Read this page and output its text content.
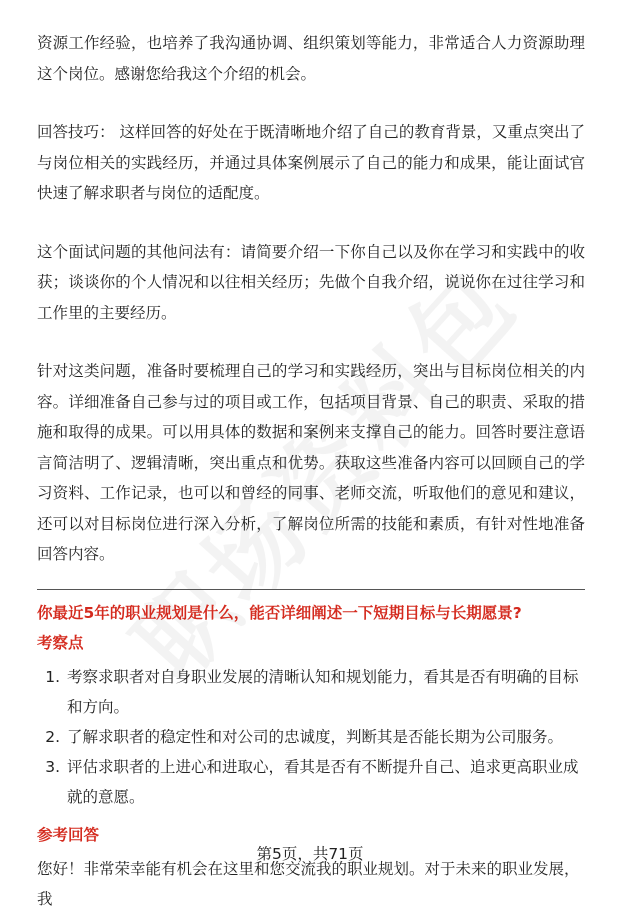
资源工作经验，也培养了我沟通协调、组织策划等能力，非常适合人力资源助理这个岗位。感谢您给我这个介绍的机会。

回答技巧： 这样回答的好处在于既清晰地介绍了自己的教育背景，又重点突出了与岗位相关的实践经历，并通过具体案例展示了自己的能力和成果，能让面试官快速了解求职者与岗位的适配度。

这个面试问题的其他问法有：请简要介绍一下你自己以及你在学习和实践中的收获；谈谈你的个人情况和以往相关经历；先做个自我介绍，说说你在过往学习和工作里的主要经历。

针对这类问题，准备时要梳理自己的学习和实践经历，突出与目标岗位相关的内容。详细准备自己参与过的项目或工作，包括项目背景、自己的职责、采取的措施和取得的成果。可以用具体的数据和案例来支撑自己的能力。回答时要注意语言简洁明了、逻辑清晰，突出重点和优势。获取这些准备内容可以回顾自己的学习资料、工作记录，也可以和曾经的同事、老师交流，听取他们的意见和建议，还可以对目标岗位进行深入分析，了解岗位所需的技能和素质，有针对性地准备回答内容。

你最近5年的职业规划是什么，能否详细阐述一下短期目标与长期愿景?

考察点

1. 考察求职者对自身职业发展的清晰认知和规划能力，看其是否有明确的目标和方向。
2. 了解求职者的稳定性和对公司的忠诚度，判断其是否能长期为公司服务。
3. 评估求职者的上进心和进取心，看其是否有不断提升自己、追求更高职业成就的意愿。

参考回答

您好！非常荣幸能有机会在这里和您交流我的职业规划。对于未来的职业发展，我

第5页，共71页
